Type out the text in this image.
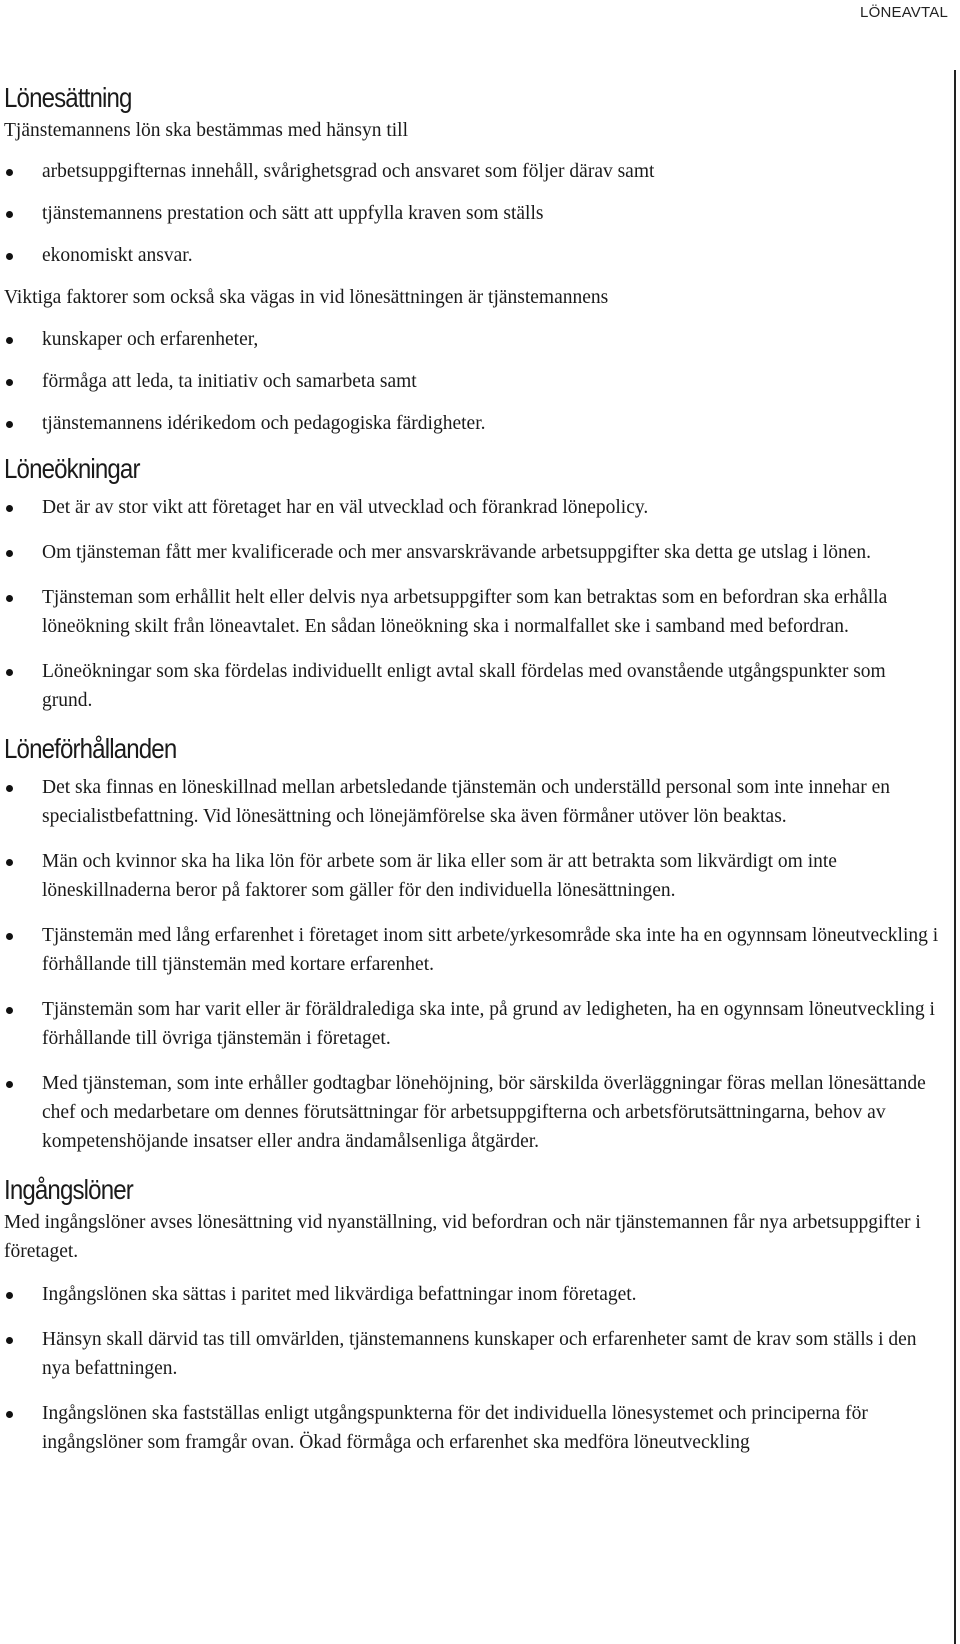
LÖNEAVTAL
Lönesättning

Tjänstemannens lön ska bestämmas med hänsyn till

arbetsuppgifternas innehåll, svårighetsgrad och ansvaret som följer därav samt
tjänstemannens prestation och sätt att uppfylla kraven som ställs
ekonomiskt ansvar.

Viktiga faktorer som också ska vägas in vid lönesättningen är tjänstemannens

kunskaper och erfarenheter,
förmåga att leda, ta initiativ och samarbeta samt
tjänstemannens idérikedom och pedagogiska färdigheter.
Löneökningar
Det är av stor vikt att företaget har en väl utvecklad och förankrad lönepolicy.
Om tjänsteman fått mer kvalificerade och mer ansvarskrävande arbetsuppgifter ska detta ge utslag i lönen.
Tjänsteman som erhållit helt eller delvis nya arbetsuppgifter som kan betraktas som en befordran ska erhålla löneökning skilt från löneavtalet. En sådan löneökning ska i normalfallet ske i samband med befordran.
Löneökningar som ska fördelas individuellt enligt avtal skall fördelas med ovanstående utgångspunkter som grund.
Löneförhållanden
Det ska finnas en löneskillnad mellan arbetsledande tjänstemän och underställd personal som inte innehar en specialistbefattning. Vid lönesättning och lönejämförelse ska även förmåner utöver lön beaktas.
Män och kvinnor ska ha lika lön för arbete som är lika eller som är att betrakta som likvärdigt om inte löneskillnaderna beror på faktorer som gäller för den individuella lönesättningen.
Tjänstemän med lång erfarenhet i företaget inom sitt arbete/yrkesområde ska inte ha en ogynnsam löneutveckling i förhållande till tjänstemän med kortare erfarenhet.
Tjänstemän som har varit eller är föräldralediga ska inte, på grund av ledigheten, ha en ogynnsam löneutveckling i förhållande till övriga tjänstemän i företaget.
Med tjänsteman, som inte erhåller godtagbar lönehöjning, bör särskilda överläggningar föras mellan lönesättande chef och medarbetare om dennes förutsättningar för arbetsuppgifterna och arbetsförutsättningarna, behov av kompetenshöjande insatser eller andra ändamålsenliga åtgärder.
Ingångslöner

Med ingångslöner avses lönesättning vid nyanställning, vid befordran och när tjänstemannen får nya arbetsuppgifter i företaget.

Ingångslönen ska sättas i paritet med likvärdiga befattningar inom företaget.
Hänsyn skall därvid tas till omvärlden, tjänstemannens kunskaper och erfarenheter samt de krav som ställs i den nya befattningen.
Ingångslönen ska fastställas enligt utgångspunkterna för det individuella lönesystemet och principerna för ingångslöner som framgår ovan. Ökad förmåga och erfarenhet ska medföra löneutveckling
